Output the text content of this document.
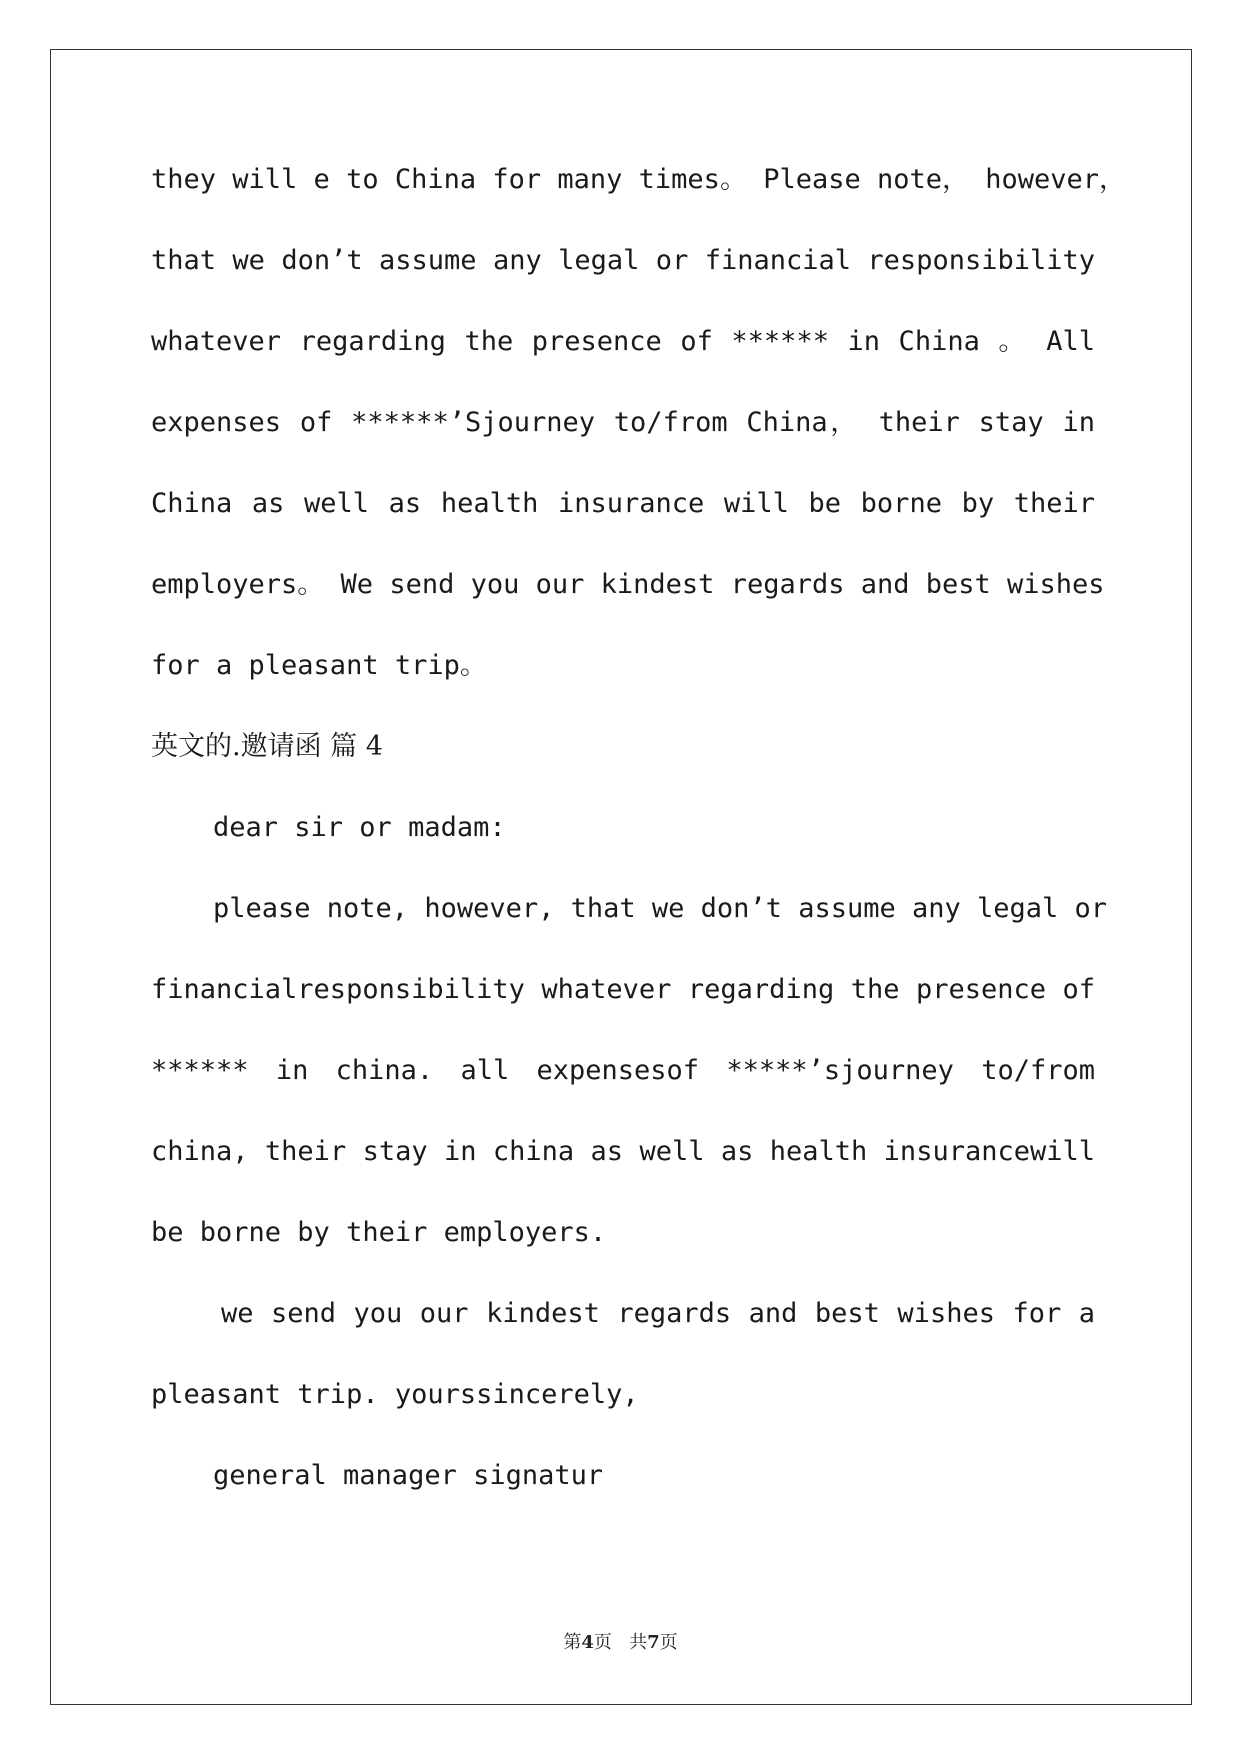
they will e to China for many times。 Please note， however，
that we don’t assume any legal or financial responsibility
whatever regarding the presence of ****** in China 。 All
expenses of ******’Sjourney to/from China， their stay in
China as well as health insurance will be borne by their
employers。 We send you our kindest regards and best wishes
for a pleasant trip。
英文的.邀请函 篇 4
dear sir or madam:
please note, however, that we don’t assume any legal or
financialresponsibility whatever regarding the presence of
****** in china. all expensesof *****’sjourney to/from
china, their stay in china as well as health insurancewill
be borne by their employers.
we send you our kindest regards and best wishes for a
pleasant trip. yourssincerely,
general manager signatur
第4页 共7页
